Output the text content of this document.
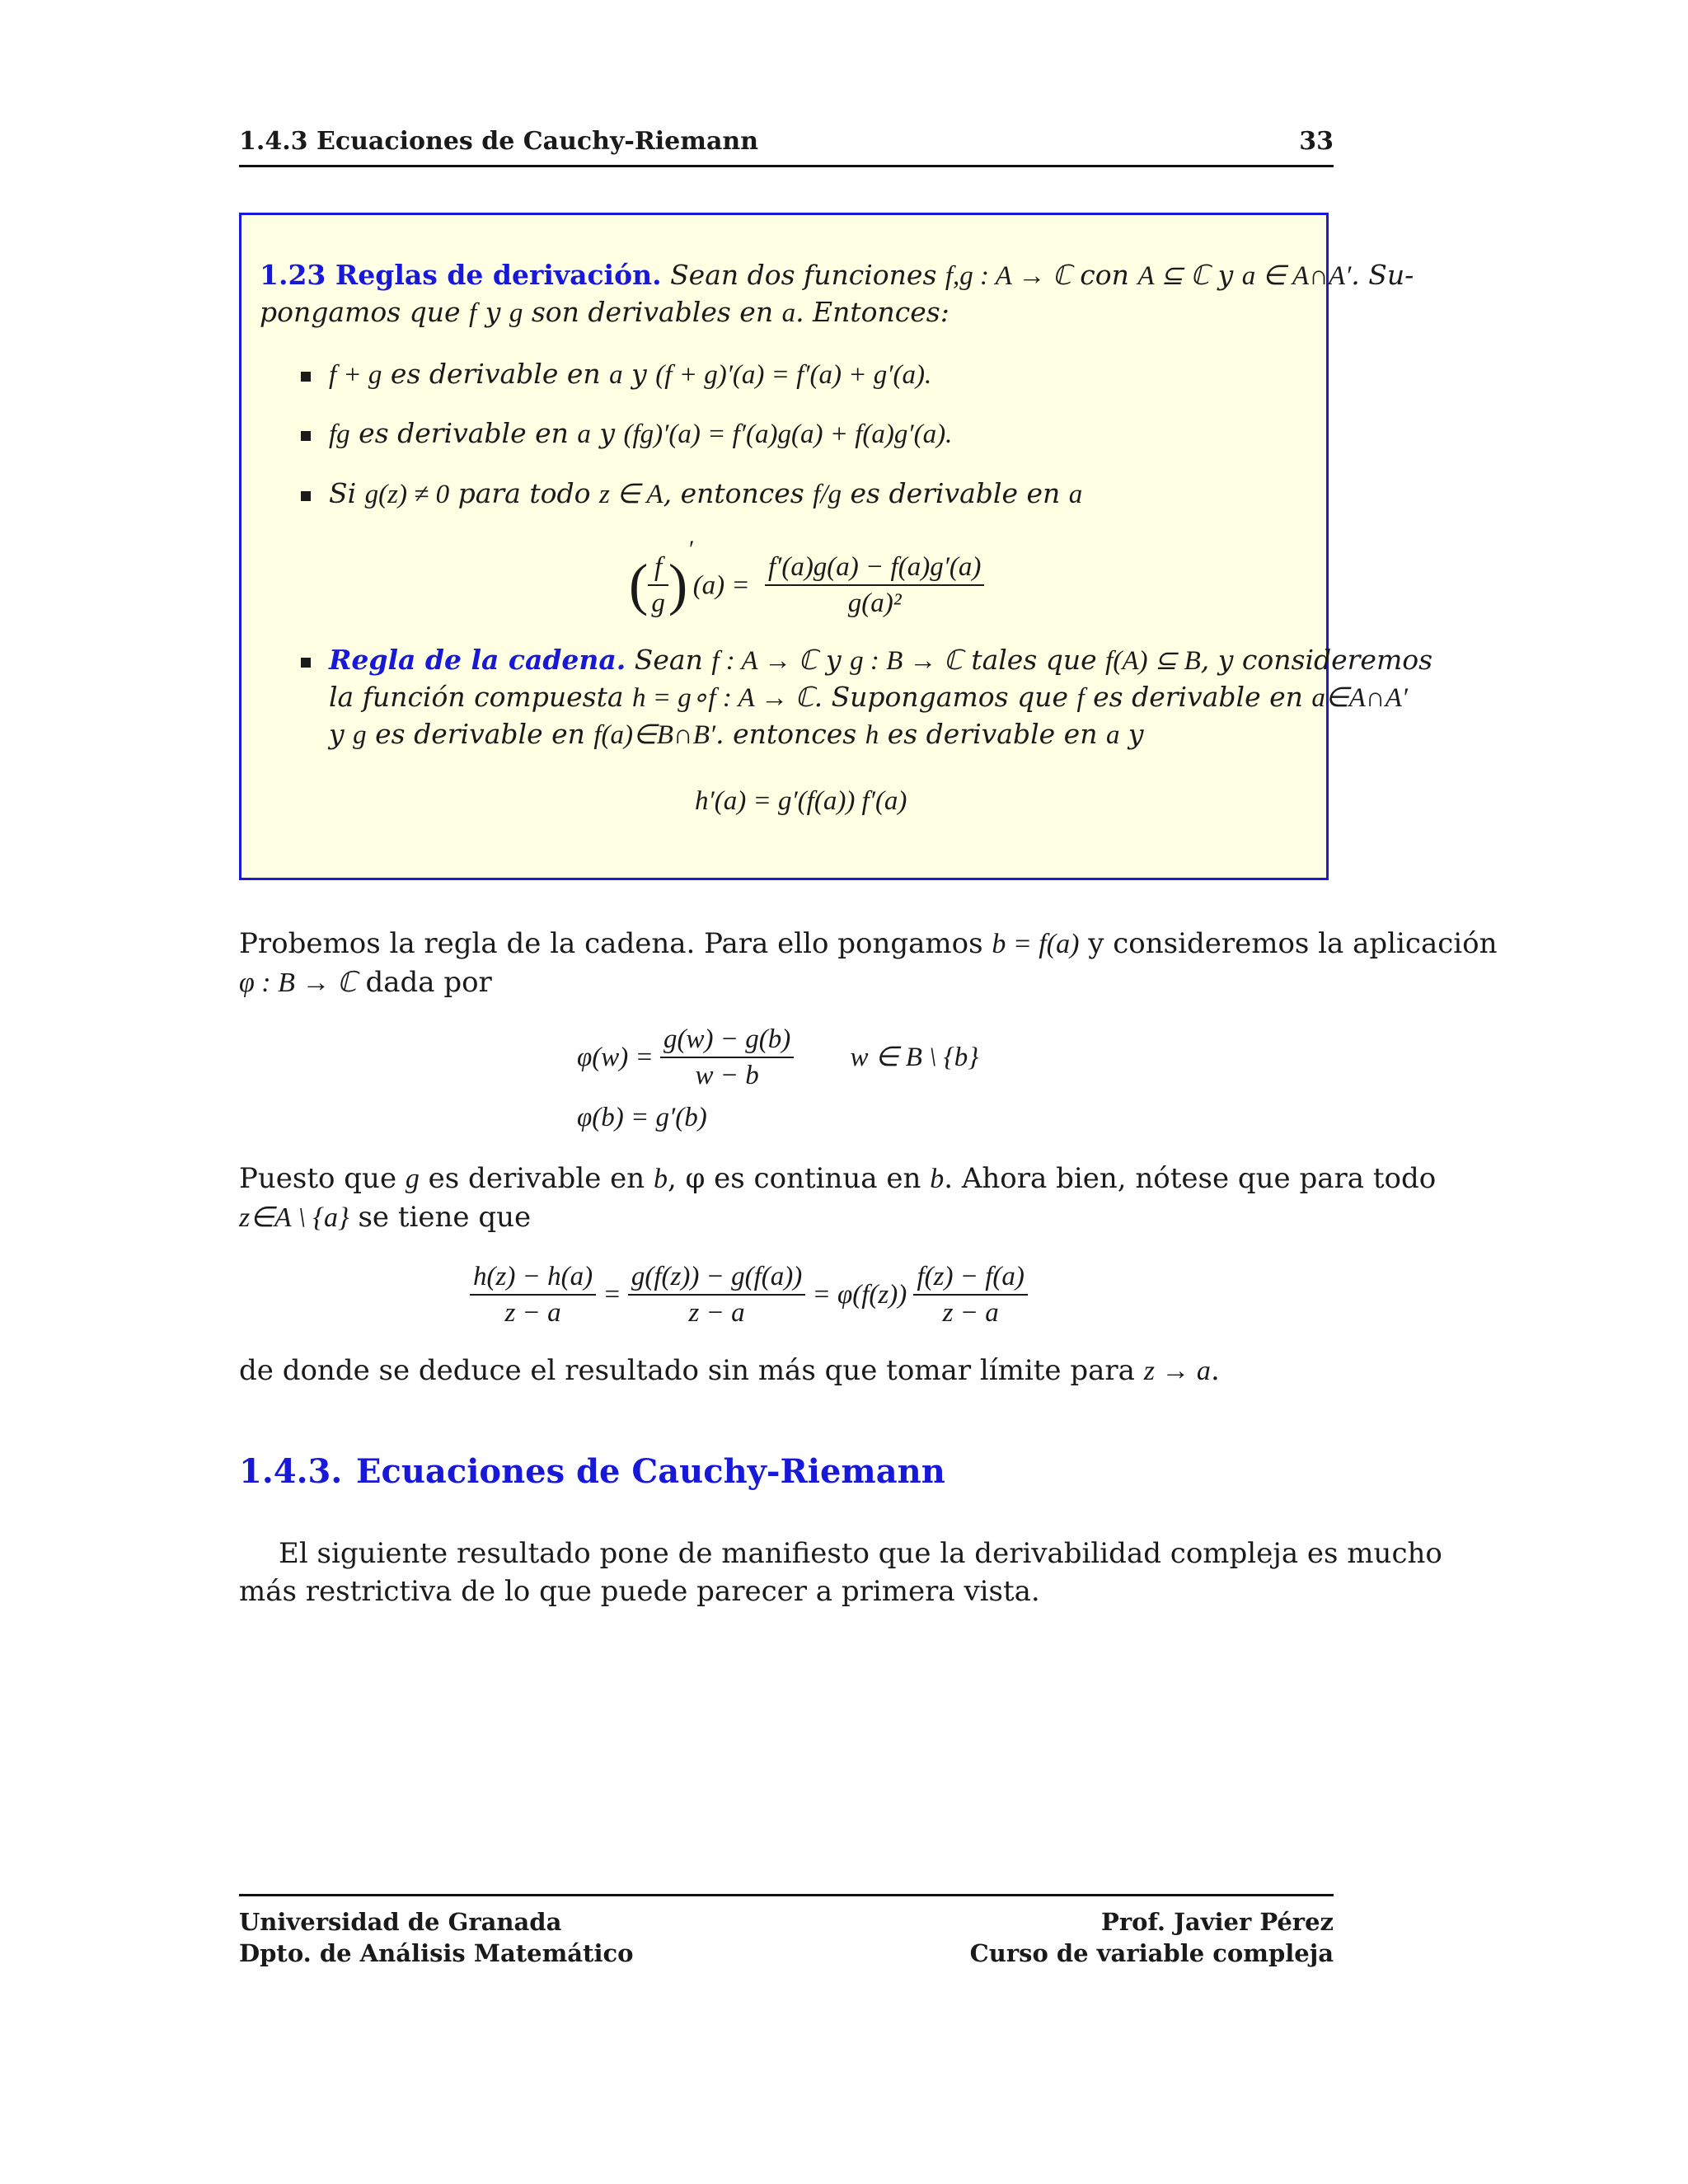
1.4.3 Ecuaciones de Cauchy-Riemann	33
1.23 Reglas de derivación. Sean dos funciones f,g : A → ℂ con A ⊆ ℂ y a ∈ A∩A′. Su-
pongamos que f y g son derivables en a. Entonces:
f + g es derivable en a y (f + g)′(a) = f′(a) + g′(a).
fg es derivable en a y (fg)′(a) = f′(a)g(a) + f(a)g′(a).
Si g(z) ≠ 0 para todo z ∈ A, entonces f/g es derivable en a
( $\frac{f}{g} )'(a) = \frac{f'(a)g(a) - f(a)g'(a)}{\text{g(a)²}}$
Regla de la cadena. Sean f : A → ℂ y g : B → ℂ tales que f(A) ⊆ B, y consideremos
la función compuesta h = g∘f : A → ℂ. Supongamos que f es derivable en a∈A∩A′
y g es derivable en f(a)∈B∩B′. entonces h es derivable en a y
h′(a) = g′(f(a)) f′(a)
Probemos la regla de la cadena. Para ello pongamos b = f(a) y consideremos la aplicación
φ : B → ℂ dada por
$\varphi(w) = \frac{g(w) - g(b)}{w - b}$ w ∈ B \ {b}
φ(b) = g′(b)
Puesto que g es derivable en b, φ es continua en b. Ahora bien, nótese que para todo
z∈A \ {a} se tiene que
$\frac{h(z) - h(a)}{z - a} = \frac{g(f(z)) - g(f(a))}{z - a} = \varphi(f(z)) \frac{f(z) - f(a)}{z - a}$
de donde se deduce el resultado sin más que tomar límite para z → a.
1.4.3. Ecuaciones de Cauchy-Riemann
El siguiente resultado pone de manifiesto que la derivabilidad compleja es mucho
más restrictiva de lo que puede parecer a primera vista.
Universidad de Granada
Dpto. de Análisis Matemático
Prof. Javier Pérez
Curso de variable compleja
